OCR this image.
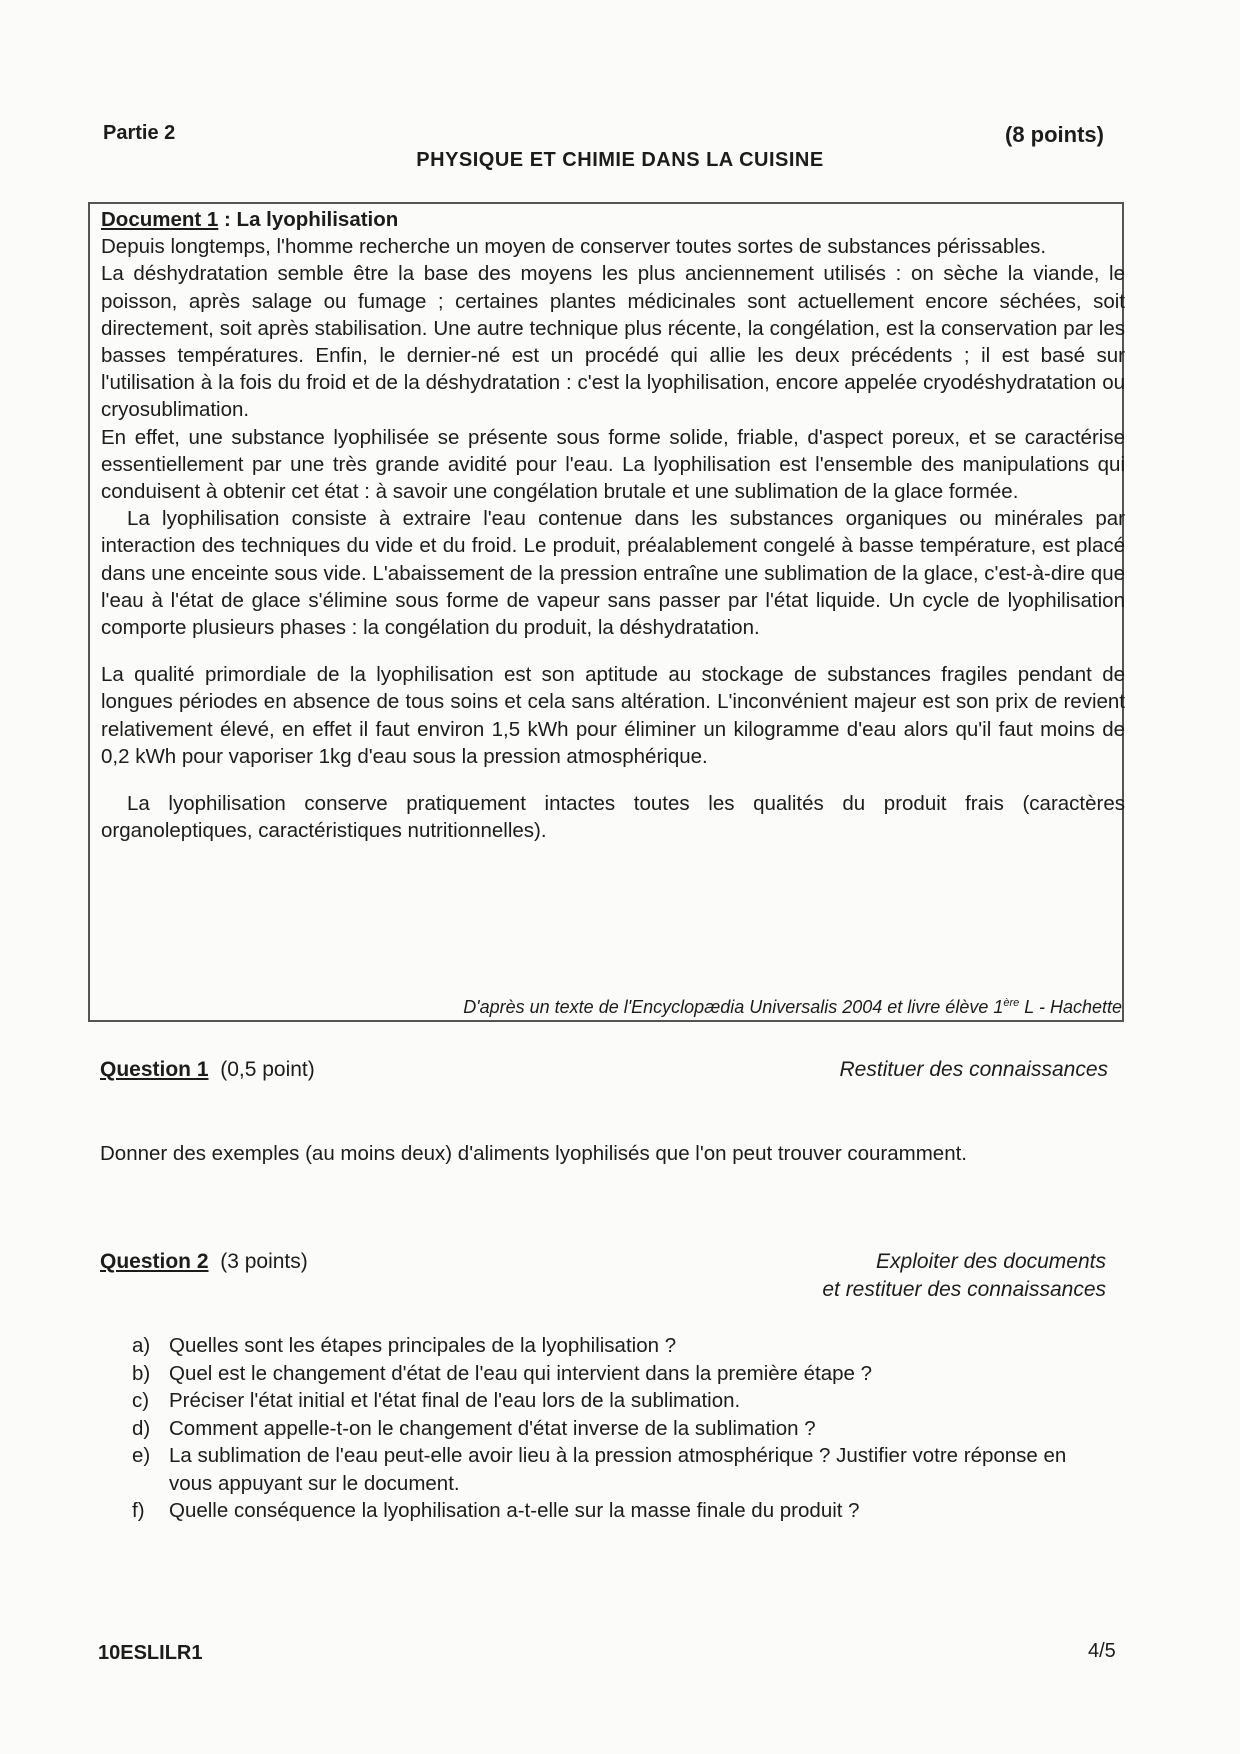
Partie 2	(8 points)
PHYSIQUE ET CHIMIE DANS LA CUISINE

Document 1 : La lyophilisation

Depuis longtemps, l'homme recherche un moyen de conserver toutes sortes de substances périssables.

La déshydratation semble être la base des moyens les plus anciennement utilisés : on sèche la viande, le poisson, après salage ou fumage ; certaines plantes médicinales sont actuellement encore séchées, soit directement, soit après stabilisation. Une autre technique plus récente, la congélation, est la conservation par les basses températures. Enfin, le dernier-né est un procédé qui allie les deux précédents ; il est basé sur l'utilisation à la fois du froid et de la déshydratation : c'est la lyophilisation, encore appelée cryodéshydratation ou cryosublimation.

En effet, une substance lyophilisée se présente sous forme solide, friable, d'aspect poreux, et se caractérise essentiellement par une très grande avidité pour l'eau. La lyophilisation est l'ensemble des manipulations qui conduisent à obtenir cet état : à savoir une congélation brutale et une sublimation de la glace formée.

La lyophilisation consiste à extraire l'eau contenue dans les substances organiques ou minérales par interaction des techniques du vide et du froid. Le produit, préalablement congelé à basse température, est placé dans une enceinte sous vide. L'abaissement de la pression entraîne une sublimation de la glace, c'est-à-dire que l'eau à l'état de glace s'élimine sous forme de vapeur sans passer par l'état liquide. Un cycle de lyophilisation comporte plusieurs phases : la congélation du produit, la déshydratation.

La qualité primordiale de la lyophilisation est son aptitude au stockage de substances fragiles pendant de longues périodes en absence de tous soins et cela sans altération. L'inconvénient majeur est son prix de revient relativement élevé, en effet il faut environ 1,5 kWh pour éliminer un kilogramme d'eau alors qu'il faut moins de 0,2 kWh pour vaporiser 1kg d'eau sous la pression atmosphérique.

La lyophilisation conserve pratiquement intactes toutes les qualités du produit frais (caractères organoleptiques, caractéristiques nutritionnelles).

D'après un texte de l'Encyclopædia Universalis 2004 et livre élève 1ère L - Hachette
Question 1 (0,5 point)	Restituer des connaissances
Donner des exemples (au moins deux) d'aliments lyophilisés que l'on peut trouver couramment.
Question 2 (3 points)	Exploiter des documents
et restituer des connaissances
a) Quelles sont les étapes principales de la lyophilisation ?
b) Quel est le changement d'état de l'eau qui intervient dans la première étape ?
c) Préciser l'état initial et l'état final de l'eau lors de la sublimation.
d) Comment appelle-t-on le changement d'état inverse de la sublimation ?
e) La sublimation de l'eau peut-elle avoir lieu à la pression atmosphérique ? Justifier votre réponse en vous appuyant sur le document.
f) Quelle conséquence la lyophilisation a-t-elle sur la masse finale du produit ?
10ESLILR1	4/5
